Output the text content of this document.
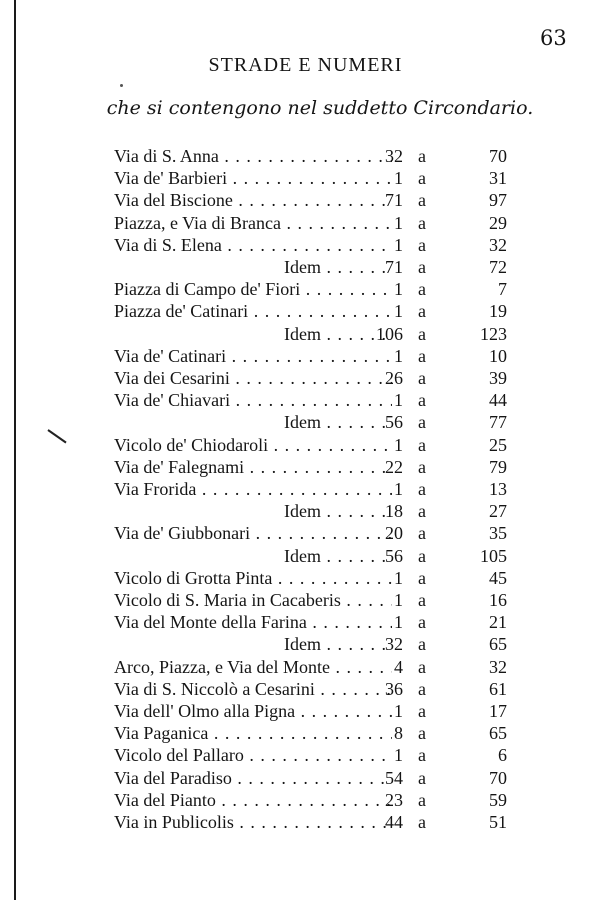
63
STRADE E NUMERI
che si contengono nel suddetto Circondario.
Via di S. Anna . . .	32 a	70
Via de' Barbieri . . .	1 a	31
Via del Biscione . . .	71 a	97
Piazza, e Via di Branca . . .	1 a	29
Via di S. Elena . . .	1 a	32
Idem . . .	71 a	72
Piazza di Campo de' Fiori . . .	1 a	7
Piazza de' Catinari . . .	1 a	19
Idem . . .	106 a	123
Via de' Catinari . . .	1 a	10
Via dei Cesarini . . .	26 a	39
Via de' Chiavari . . .	1 a	44
Idem . . .	56 a	77
Vicolo de' Chiodaroli . . .	1 a	25
Via de' Falegnami . . .	22 a	79
Via Frorida . . .	1 a	13
Idem . . .	18 a	27
Via de' Giubbonari . . .	20 a	35
Idem . . .	56 a	105
Vicolo di Grotta Pinta . . .	1 a	45
Vicolo di S. Maria in Cacaberis . . .	1 a	16
Via del Monte della Farina . . .	1 a	21
Idem . . .	32 a	65
Arco, Piazza, e Via del Monte . . .	4 a	32
Via di S. Niccolò a Cesarini . . .	36 a	61
Via dell' Olmo alla Pigna . . .	1 a	17
Via Paganica . . .	8 a	65
Vicolo del Pallaro . . .	1 a	6
Via del Paradiso . . .	54 a	70
Via del Pianto . . .	23 a	59
Via in Publicolis . . .	44 a	51
